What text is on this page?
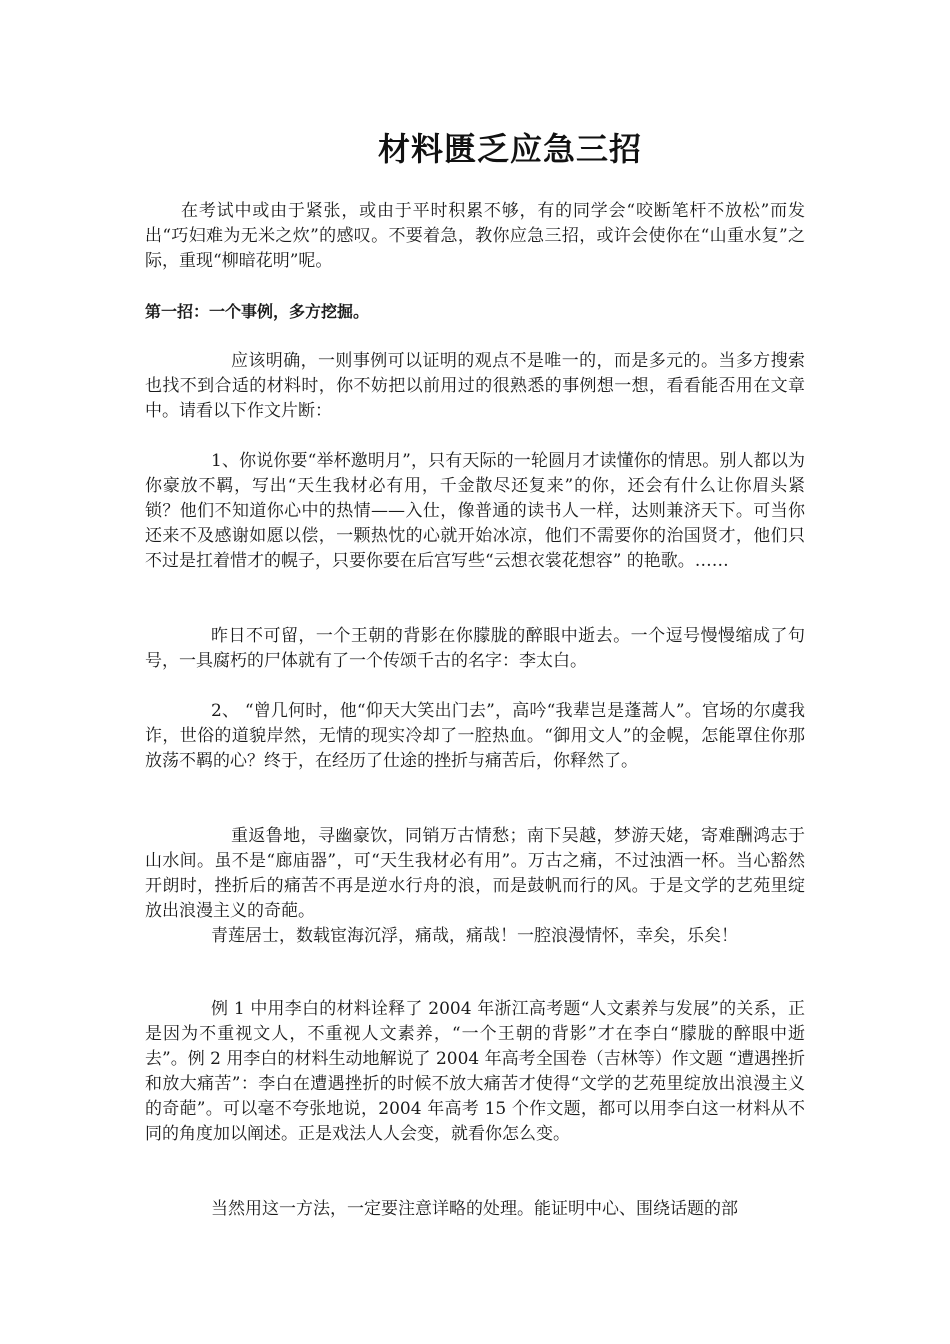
材料匮乏应急三招

在考试中或由于紧张，或由于平时积累不够，有的同学会“咬断笔杆不放松”而发出“巧妇难为无米之炊”的感叹。不要着急，教你应急三招，或许会使你在“山重水复”之际，重现“柳暗花明”呢。

第一招：一个事例，多方挖掘。

应该明确，一则事例可以证明的观点不是唯一的，而是多元的。当多方搜索也找不到合适的材料时，你不妨把以前用过的很熟悉的事例想一想，看看能否用在文章中。请看以下作文片断：

1、你说你要“举杯邀明月”，只有天际的一轮圆月才读懂你的情思。别人都以为你豪放不羁，写出“天生我材必有用，千金散尽还复来”的你，还会有什么让你眉头紧锁？他们不知道你心中的热情——入仕，像普通的读书人一样，达则兼济天下。可当你还来不及感谢如愿以偿，一颗热忱的心就开始冰凉，他们不需要你的治国贤才，他们只不过是扛着惜才的幌子，只要你要在后宫写些“云想衣裳花想容” 的艳歌。……

昨日不可留，一个王朝的背影在你朦胧的醉眼中逝去。一个逗号慢慢缩成了句号，一具腐朽的尸体就有了一个传颂千古的名字：李太白。

2、 “曾几何时，他“仰天大笑出门去”，高吟“我辈岂是蓬蒿人”。官场的尔虞我诈，世俗的道貌岸然，无情的现实冷却了一腔热血。“御用文人”的金幌，怎能罩住你那放荡不羁的心？终于，在经历了仕途的挫折与痛苦后，你释然了。

重返鲁地，寻幽豪饮，同销万古情愁；南下吴越，梦游天姥，寄难酬鸿志于山水间。虽不是“廊庙器”，可“天生我材必有用”。万古之痛，不过浊酒一杯。当心豁然开朗时，挫折后的痛苦不再是逆水行舟的浪，而是鼓帆而行的风。于是文学的艺苑里绽放出浪漫主义的奇葩。

青莲居士，数载宦海沉浮，痛哉，痛哉！一腔浪漫情怀，幸矣，乐矣！

例 1 中用李白的材料诠释了 2004 年浙江高考题“人文素养与发展”的关系，正是因为不重视文人，不重视人文素养，“一个王朝的背影”才在李白“朦胧的醉眼中逝去”。例 2 用李白的材料生动地解说了 2004 年高考全国卷（吉林等）作文题 “遭遇挫折和放大痛苦”：李白在遭遇挫折的时候不放大痛苦才使得“文学的艺苑里绽放出浪漫主义的奇葩”。可以毫不夸张地说，2004 年高考 15 个作文题，都可以用李白这一材料从不同的角度加以阐述。正是戏法人人会变，就看你怎么变。

当然用这一方法，一定要注意详略的处理。能证明中心、围绕话题的部
